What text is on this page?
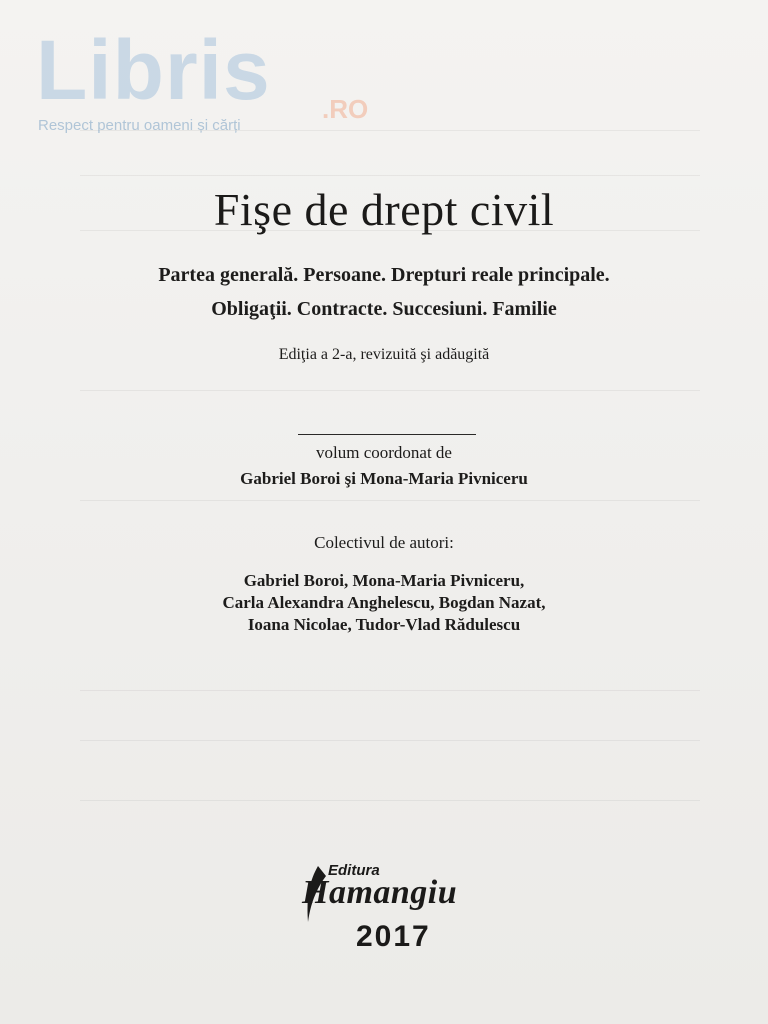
Libris .RO
Respect pentru oameni și cărți
Fişe de drept civil
Partea generală. Persoane. Drepturi reale principale.
Obligaţii. Contracte. Succesiuni. Familie
Ediţia a 2-a, revizuită şi adăugită
volum coordonat de
Gabriel Boroi şi Mona-Maria Pivniceru
Colectivul de autori:
Gabriel Boroi, Mona-Maria Pivniceru,
Carla Alexandra Anghelescu, Bogdan Nazat,
Ioana Nicolae, Tudor-Vlad Rădulescu
Editura
Hamangiu
2017
